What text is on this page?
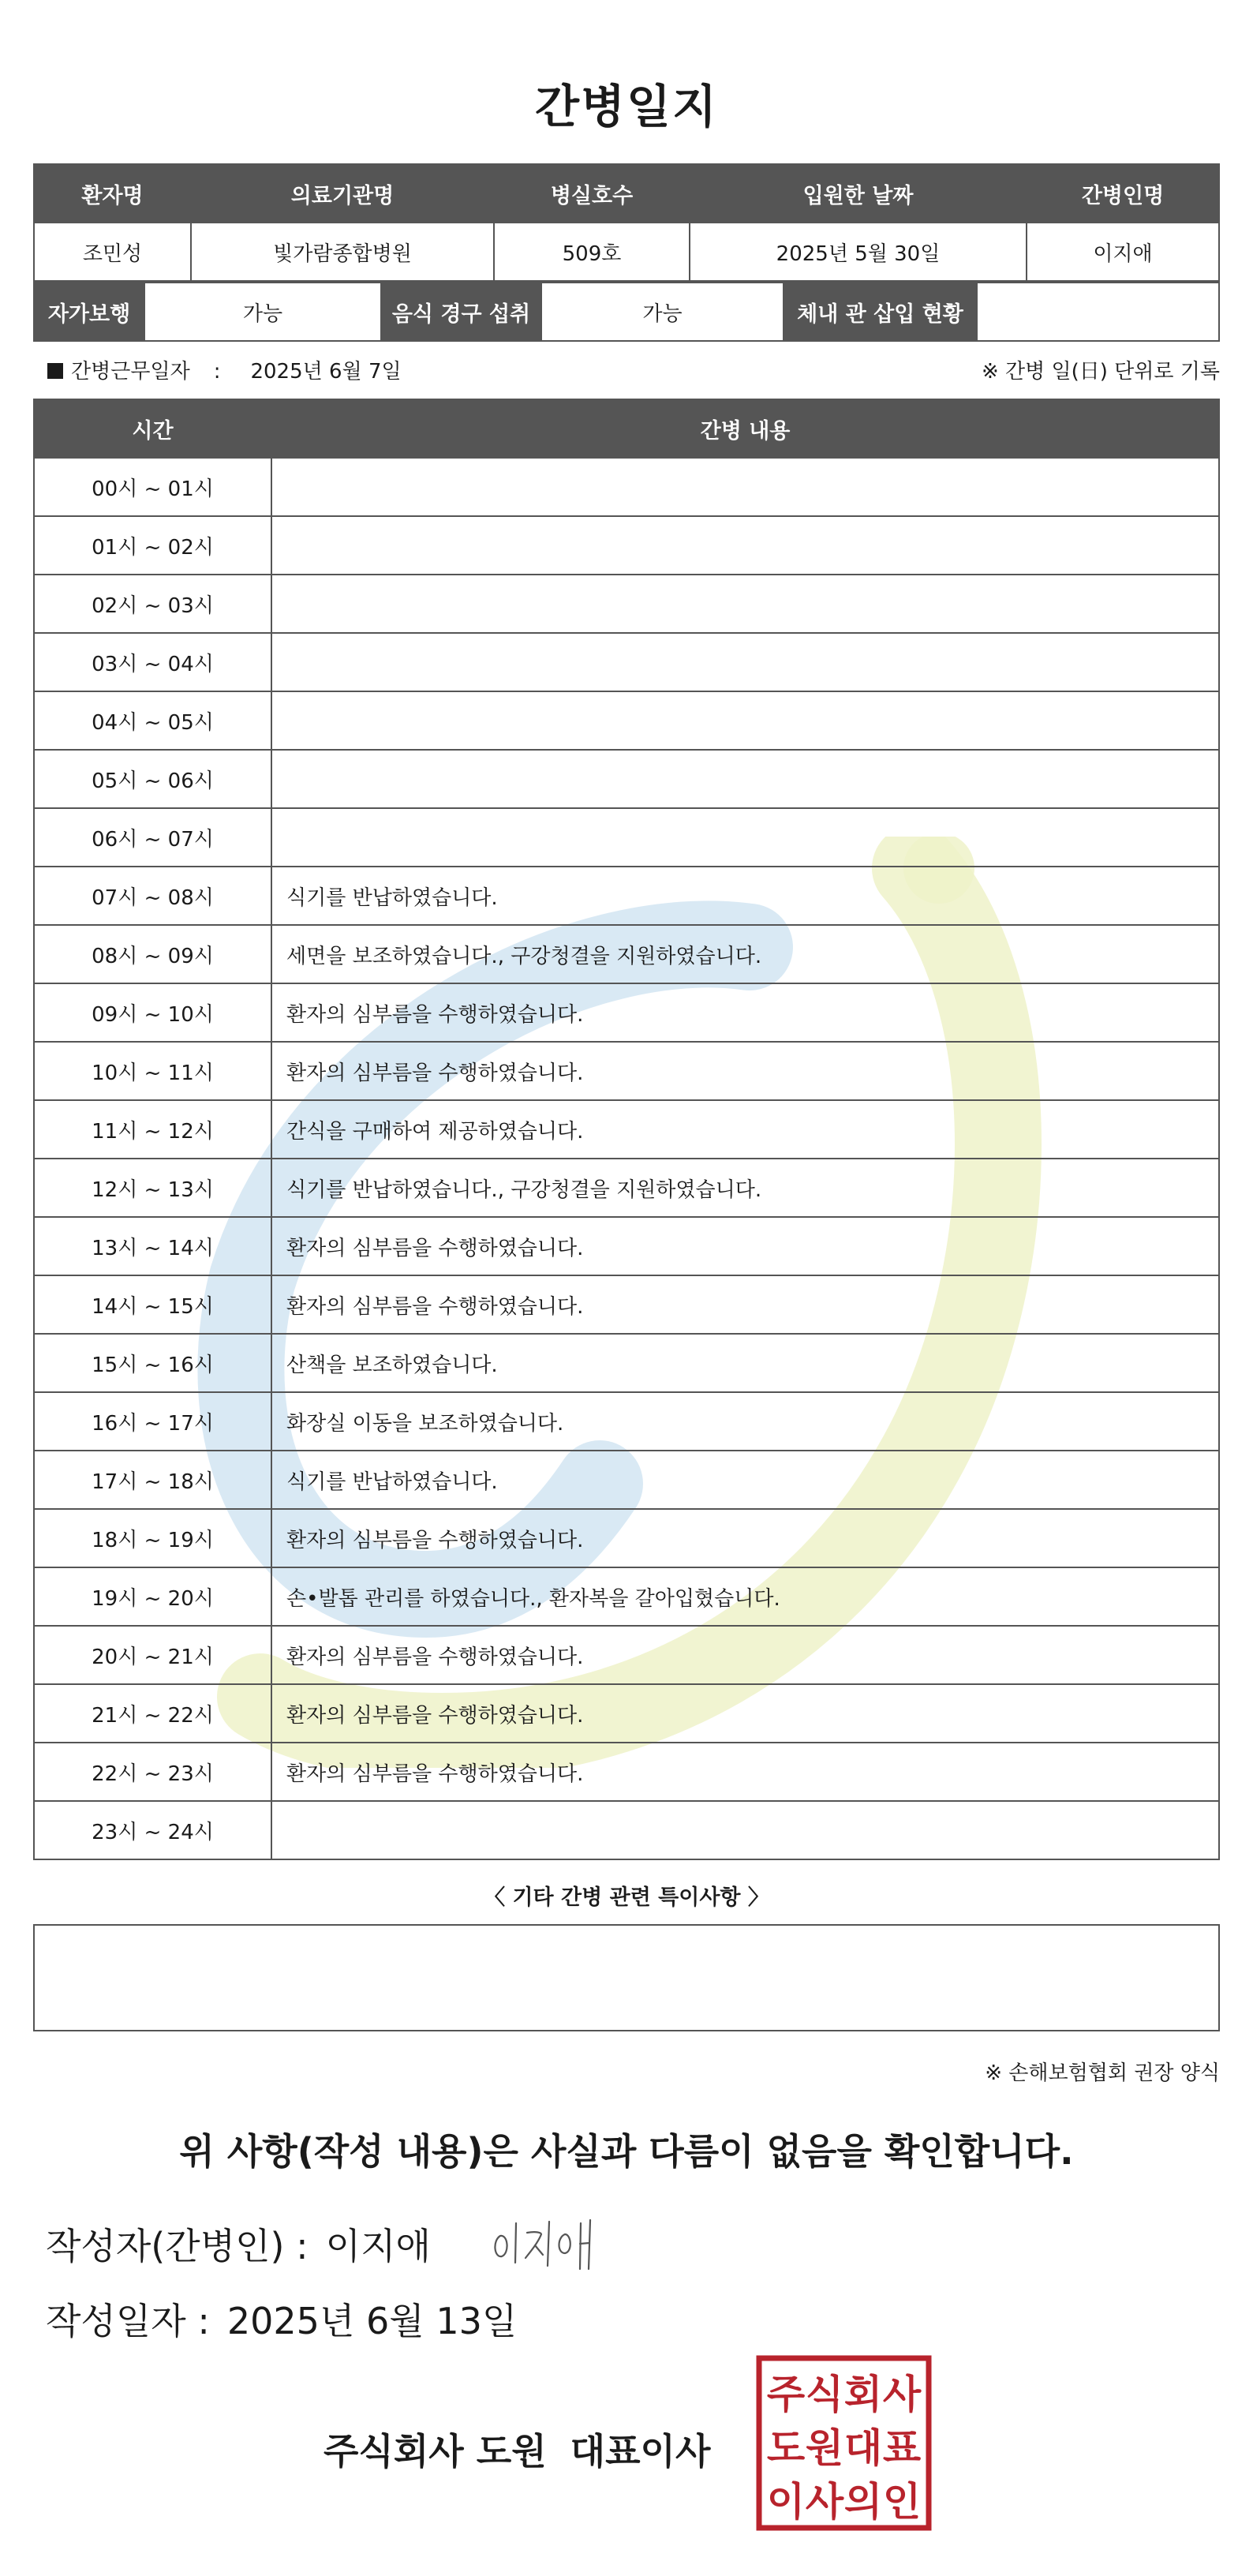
간병일지
환자명	의료기관명	병실호수	입원한 날짜	간병인명
조민성	빛가람종합병원	509호	2025년 5월 30일	이지애
자가보행	가능	음식 경구 섭취	가능	체내 관 삽입 현황	
간병근무일자 : 2025년 6월 7일	※ 간병 일(日) 단위로 기록
시간	간병 내용
00시 ~ 01시	
01시 ~ 02시	
02시 ~ 03시	
03시 ~ 04시	
04시 ~ 05시	
05시 ~ 06시	
06시 ~ 07시	
07시 ~ 08시	식기를 반납하였습니다.
08시 ~ 09시	세면을 보조하였습니다., 구강청결을 지원하였습니다.
09시 ~ 10시	환자의 심부름을 수행하였습니다.
10시 ~ 11시	환자의 심부름을 수행하였습니다.
11시 ~ 12시	간식을 구매하여 제공하였습니다.
12시 ~ 13시	식기를 반납하였습니다., 구강청결을 지원하였습니다.
13시 ~ 14시	환자의 심부름을 수행하였습니다.
14시 ~ 15시	환자의 심부름을 수행하였습니다.
15시 ~ 16시	산책을 보조하였습니다.
16시 ~ 17시	화장실 이동을 보조하였습니다.
17시 ~ 18시	식기를 반납하였습니다.
18시 ~ 19시	환자의 심부름을 수행하였습니다.
19시 ~ 20시	손•발톱 관리를 하였습니다., 환자복을 갈아입혔습니다.
20시 ~ 21시	환자의 심부름을 수행하였습니다.
21시 ~ 22시	환자의 심부름을 수행하였습니다.
22시 ~ 23시	환자의 심부름을 수행하였습니다.
23시 ~ 24시	
〈 기타 간병 관련 특이사항 〉
※ 손해보험협회 권장 양식
위 사항(작성 내용)은 사실과 다름이 없음을 확인합니다.
작성자(간병인) : 이지애
작성일자 : 2025년 6월 13일
주식회사 도원 대표이사
주 식 회 사
도 원 대 표
이 사 의 인
